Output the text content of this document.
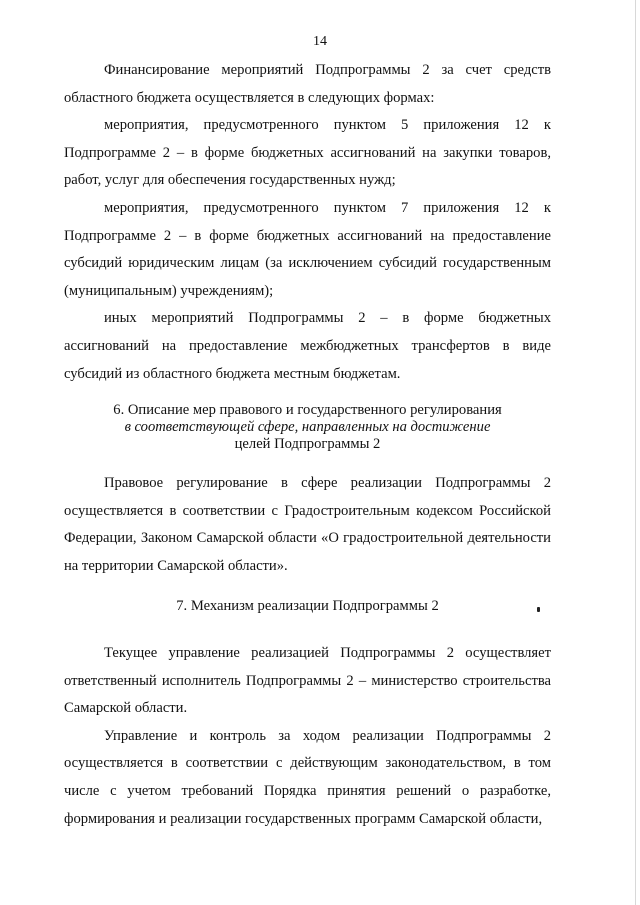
14

Финансирование мероприятий Подпрограммы 2 за счет средств областного бюджета осуществляется в следующих формах:

мероприятия, предусмотренного пунктом 5 приложения 12 к Подпрограмме 2 – в форме бюджетных ассигнований на закупки товаров, работ, услуг для обеспечения государственных нужд;

мероприятия, предусмотренного пунктом 7 приложения 12 к Подпрограмме 2 – в форме бюджетных ассигнований на предоставление субсидий юридическим лицам (за исключением субсидий государственным (муниципальным) учреждениям);

иных мероприятий Подпрограммы 2 – в форме бюджетных ассигнований на предоставление межбюджетных трансфертов в виде субсидий из областного бюджета местным бюджетам.

6. Описание мер правового и государственного регулирования
в соответствующей сфере, направленных на достижение
целей Подпрограммы 2

Правовое регулирование в сфере реализации Подпрограммы 2 осуществляется в соответствии с Градостроительным кодексом Российской Федерации, Законом Самарской области «О градостроительной деятельности на территории Самарской области».

7. Механизм реализации Подпрограммы 2

Текущее управление реализацией Подпрограммы 2 осуществляет ответственный исполнитель Подпрограммы 2 – министерство строительства Самарской области.

Управление и контроль за ходом реализации Подпрограммы 2 осуществляется в соответствии с действующим законодательством, в том числе с учетом требований Порядка принятия решений о разработке, формирования и реализации государственных программ Самарской области,
